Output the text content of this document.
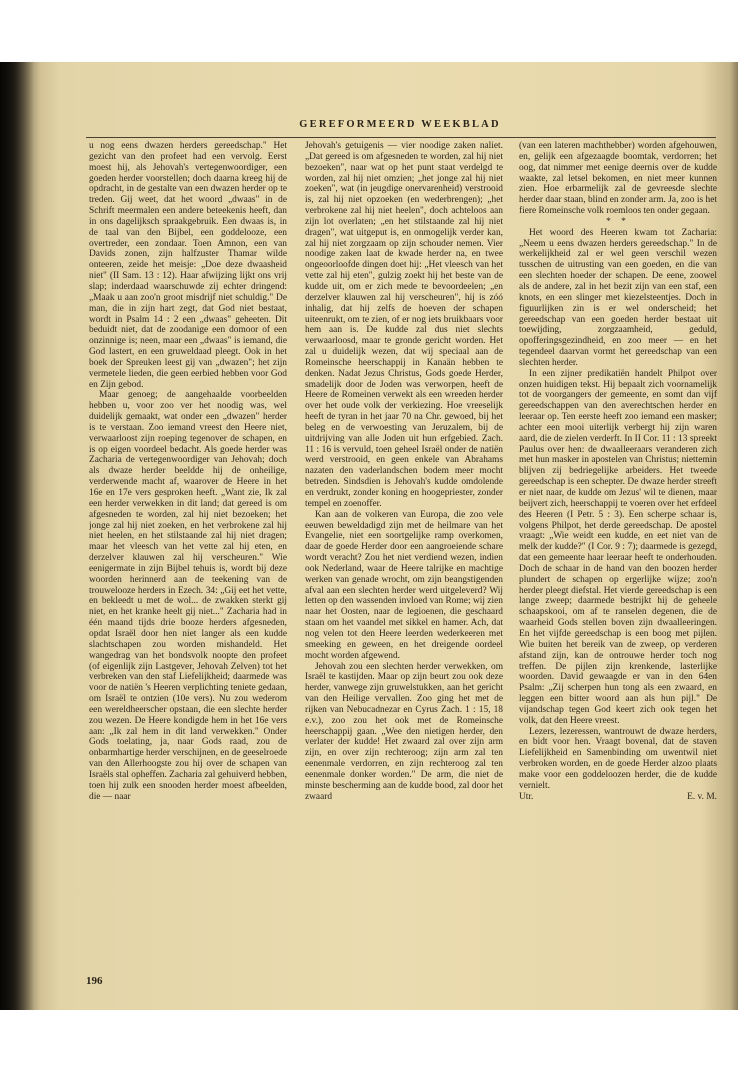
GEREFORMEERD WEEKBLAD

u nog eens dwazen herders gereedschap." Het gezicht van den profeet had een vervolg. Eerst moest hij, als Jehovah's vertegenwoordiger, een goeden herder voorstellen; doch daarna kreeg hij de opdracht, in de gestalte van een dwazen herder op te treden. Gij weet, dat het woord „dwaas" in de Schrift meermalen een andere beteekenis heeft, dan in ons dagelijksch spraakgebruik. Een dwaas is, in de taal van den Bijbel, een goddelooze, een overtreder, een zondaar. Toen Amnon, een van Davids zonen, zijn halfzuster Thamar wilde onteeren, zeide het meisje: „Doe deze dwaasheid niet" (II Sam. 13 : 12). Haar afwijzing lijkt ons vrij slap; inderdaad waarschuwde zij echter dringend: „Maak u aan zoo'n groot misdrijf niet schuldig." De man, die in zijn hart zegt, dat God niet bestaat, wordt in Psalm 14 : 2 een „dwaas" geheeten. Dit beduidt niet, dat de zoodanige een domoor of een onzinnige is; neen, maar een „dwaas" is iemand, die God lastert, en een gruweldaad pleegt. Ook in het boek der Spreuken leest gij van „dwazen"; het zijn vermetele lieden, die geen eerbied hebben voor God en Zijn gebod.

Maar genoeg; de aangehaalde voorbeelden hebben u, voor zoo ver het noodig was, wel duidelijk gemaakt, wat onder een „dwazen" herder is te verstaan. Zoo iemand vreest den Heere niet, verwaarloost zijn roeping tegenover de schapen, en is op eigen voordeel bedacht. Als goede herder was Zacharia de vertegenwoordiger van Jehovah; doch als dwaze herder beeldde hij de onheilige, verderwende macht af, waarover de Heere in het 16e en 17e vers gesproken heeft. „Want zie, Ik zal een herder verwekken in dit land; dat gereed is om afgesneden te worden, zal hij niet bezoeken; het jonge zal hij niet zoeken, en het verbrokene zal hij niet heelen, en het stilstaande zal hij niet dragen; maar het vleesch van het vette zal hij eten, en derzelver klauwen zal hij verscheuren." Wie eenigermate in zijn Bijbel tehuis is, wordt bij deze woorden herinnerd aan de teekening van de trouwelooze herders in Ezech. 34: „Gij eet het vette, en bekleedt u met de wol... de zwakken sterkt gij niet, en het kranke heelt gij niet..." Zacharia had in één maand tijds drie booze herders afgesneden, opdat Israël door hen niet langer als een kudde slachtschapen zou worden mishandeld. Het wangedrag van het bondsvolk noopte den profeet (of eigenlijk zijn Lastgever, Jehovah Zelven) tot het verbreken van den staf Liefelijkheid; daarmede was voor de natiën 's Heeren verplichting teniete gedaan, om Israël te ontzien (10e vers). Nu zou wederom een wereldheerscher opstaan, die een slechte herder zou wezen. De Heere kondigde hem in het 16e vers aan: „Ik zal hem in dit land verwekken." Onder Gods toelating, ja, naar Gods raad, zou de onbarmhartige herder verschijnen, en de geeselroede van den Allerhoogste zou hij over de schapen van Israëls stal opheffen. Zacharia zal gehuiverd hebben, toen hij zulk een snooden herder moest afbeelden, die — naar

Jehovah's getuigenis — vier noodige zaken naliet. „Dat gereed is om afgesneden te worden, zal hij niet bezoeken", naar wat op het punt staat verdelgd te worden, zal hij niet omzien; „het jonge zal hij niet zoeken", wat (in jeugdige onervarenheid) verstrooid is, zal hij niet opzoeken (en wederbrengen); „het verbrokene zal hij niet heelen", doch achteloos aan zijn lot overlaten; „en het stilstaande zal hij niet dragen", wat uitgeput is, en onmogelijk verder kan, zal hij niet zorgzaam op zijn schouder nemen. Vier noodige zaken laat de kwade herder na, en twee ongeoorloofde dingen doet hij: „Het vleesch van het vette zal hij eten", gulzig zoekt hij het beste van de kudde uit, om er zich mede te bevoordeelen; „en derzelver klauwen zal hij verscheuren", hij is zóó inhalig, dat hij zelfs de hoeven der schapen uiteenrukt, om te zien, of er nog iets bruikbaars voor hem aan is. De kudde zal dus niet slechts verwaarloosd, maar te gronde gericht worden. Het zal u duidelijk wezen, dat wij speciaal aan de Romeinsche heerschappij in Kanaän hebben te denken. Nadat Jezus Christus, Gods goede Herder, smadelijk door de Joden was verworpen, heeft de Heere de Romeinen verwekt als een wreeden herder over het oude volk der verkiezing. Hoe vreeselijk heeft de tyran in het jaar 70 na Chr. gewoed, bij het beleg en de verwoesting van Jeruzalem, bij de uitdrijving van alle Joden uit hun erfgebied. Zach. 11 : 16 is vervuld, toen geheel Israël onder de natiën werd verstrooid, en geen enkele van Abrahams nazaten den vaderlandschen bodem meer mocht betreden. Sindsdien is Jehovah's kudde omdolende en verdrukt, zonder koning en hoogepriester, zonder tempel en zoenoffer.

Kan aan de volkeren van Europa, die zoo vele eeuwen beweldadigd zijn met de heilmare van het Evangelie, niet een soortgelijke ramp overkomen, daar de goede Herder door een aangroeiende schare wordt veracht? Zou het niet verdiend wezen, indien ook Nederland, waar de Heere talrijke en machtige werken van genade wrocht, om zijn beangstigenden afval aan een slechten herder werd uitgeleverd? Wij letten op den wassenden invloed van Rome; wij zien naar het Oosten, naar de legioenen, die geschaard staan om het vaandel met sikkel en hamer. Ach, dat nog velen tot den Heere leerden wederkeeren met smeeking en geween, en het dreigende oordeel mocht worden afgewend.

Jehovah zou een slechten herder verwekken, om Israël te kastijden. Maar op zijn beurt zou ook deze herder, vanwege zijn gruwelstukken, aan het gericht van den Heilige vervallen. Zoo ging het met de rijken van Nebucadnezar en Cyrus Zach. 1 : 15, 18 e.v.), zoo zou het ook met de Romeinsche heerschappij gaan. „Wee den nietigen herder, den verlater der kudde! Het zwaard zal over zijn arm zijn, en over zijn rechteroog; zijn arm zal ten eenenmale verdorren, en zijn rechteroog zal ten eenenmale donker worden." De arm, die niet de minste bescherming aan de kudde bood, zal door het zwaard

(van een lateren machthebber) worden afgehouwen, en, gelijk een afgezaagde boomtak, verdorren; het oog, dat nimmer met eenige deernis over de kudde waakte, zal letsel bekomen, en niet meer kunnen zien. Hoe erbarmelijk zal de gevreesde slechte herder daar staan, blind en zonder arm. Ja, zoo is het fiere Romeinsche volk roemloos ten onder gegaan.

* *

Het woord des Heeren kwam tot Zacharia: „Neem u eens dwazen herders gereedschap." In de werkelijkheid zal er wel geen verschil wezen tusschen de uitrusting van een goeden, en die van een slechten hoeder der schapen. De eene, zoowel als de andere, zal in het bezit zijn van een staf, een knots, en een slinger met kiezelsteentjes. Doch in figuurlijken zin is er wel onderscheid; het gereedschap van een goeden herder bestaat uit toewijding, zorgzaamheid, geduld, opofferingsgezindheid, en zoo meer — en het tegendeel daarvan vormt het gereedschap van een slechten herder.

In een zijner predikatiën handelt Philpot over onzen huidigen tekst. Hij bepaalt zich voornamelijk tot de voorgangers der gemeente, en somt dan vijf gereedschappen van den averechtschen herder en leeraar op. Ten eerste heeft zoo iemand een masker; achter een mooi uiterlijk verbergt hij zijn waren aard, die de zielen verderft. In II Cor. 11 : 13 spreekt Paulus over hen: de dwaalleeraars veranderen zich met hun masker in apostelen van Christus; niettemin blijven zij bedriegelijke arbeiders. Het tweede gereedschap is een schepter. De dwaze herder streeft er niet naar, de kudde om Jezus' wil te dienen, maar beijvert zich, heerschappij te voeren over het erfdeel des Heeren (I Petr. 5 : 3). Een scherpe schaar is, volgens Philpot, het derde gereedschap. De apostel vraagt: „Wie weidt een kudde, en eet niet van de melk der kudde?" (I Cor. 9 : 7); daarmede is gezegd, dat een gemeente haar leeraar heeft te onderhouden. Doch de schaar in de hand van den boozen herder plundert de schapen op ergerlijke wijze; zoo'n herder pleegt diefstal. Het vierde gereedschap is een lange zweep; daarmede bestrijkt hij de geheele schaapskooi, om af te ranselen degenen, die de waarheid Gods stellen boven zijn dwaalleeringen. En het vijfde gereedschap is een boog met pijlen. Wie buiten het bereik van de zweep, op verderen afstand zijn, kan de ontrouwe herder toch nog treffen. De pijlen zijn krenkende, lasterlijke woorden. David gewaagde er van in den 64en Psalm: „Zij scherpen hun tong als een zwaard, en leggen een bitter woord aan als hun pijl." De vijandschap tegen God keert zich ook tegen het volk, dat den Heere vreest.

Lezers, lezeressen, wantrouwt de dwaze herders, en bidt voor hen. Vraagt bovenal, dat de staven Liefelijkheid en Samenbinding om uwentwil niet verbroken worden, en de goede Herder alzoo plaats make voor een goddeloozen herder, die de kudde vernielt.

Utr.	E. v. M.

196
